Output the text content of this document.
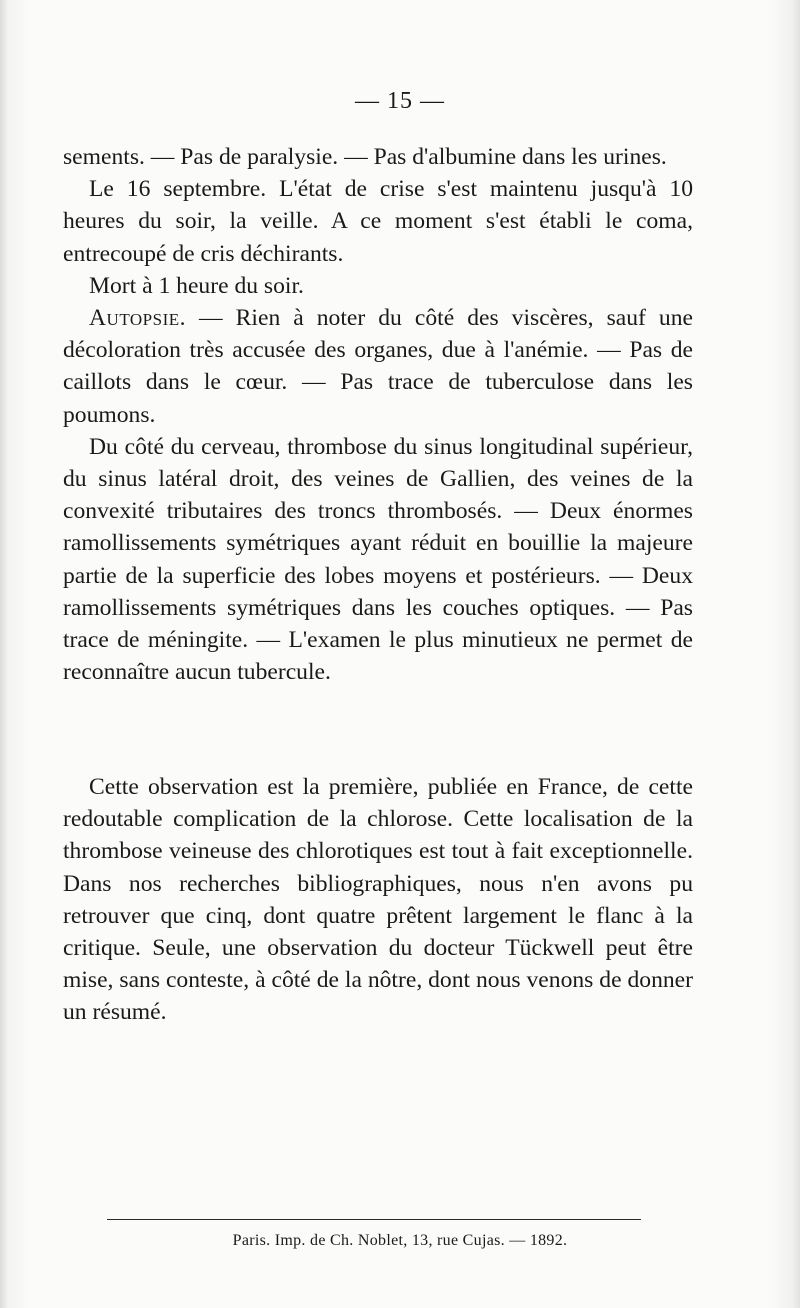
— 15 —

sements. — Pas de paralysie. — Pas d'albumine dans les urines.

Le 16 septembre. L'état de crise s'est maintenu jusqu'à 10 heures du soir, la veille. A ce moment s'est établi le coma, entrecoupé de cris déchirants.

Mort à 1 heure du soir.

Autopsie. — Rien à noter du côté des viscères, sauf une décoloration très accusée des organes, due à l'anémie. — Pas de caillots dans le cœur. — Pas trace de tuberculose dans les poumons.

Du côté du cerveau, thrombose du sinus longitudinal supérieur, du sinus latéral droit, des veines de Gallien, des veines de la convexité tributaires des troncs thrombosés. — Deux énormes ramollissements symétriques ayant réduit en bouillie la majeure partie de la superficie des lobes moyens et postérieurs. — Deux ramollissements symétriques dans les couches optiques. — Pas trace de méningite. — L'examen le plus minutieux ne permet de reconnaître aucun tubercule.

Cette observation est la première, publiée en France, de cette redoutable complication de la chlorose. Cette localisation de la thrombose veineuse des chlorotiques est tout à fait exceptionnelle. Dans nos recherches bibliographiques, nous n'en avons pu retrouver que cinq, dont quatre prêtent largement le flanc à la critique. Seule, une observation du docteur Tückwell peut être mise, sans conteste, à côté de la nôtre, dont nous venons de donner un résumé.

Paris. Imp. de Ch. Noblet, 13, rue Cujas. — 1892.
